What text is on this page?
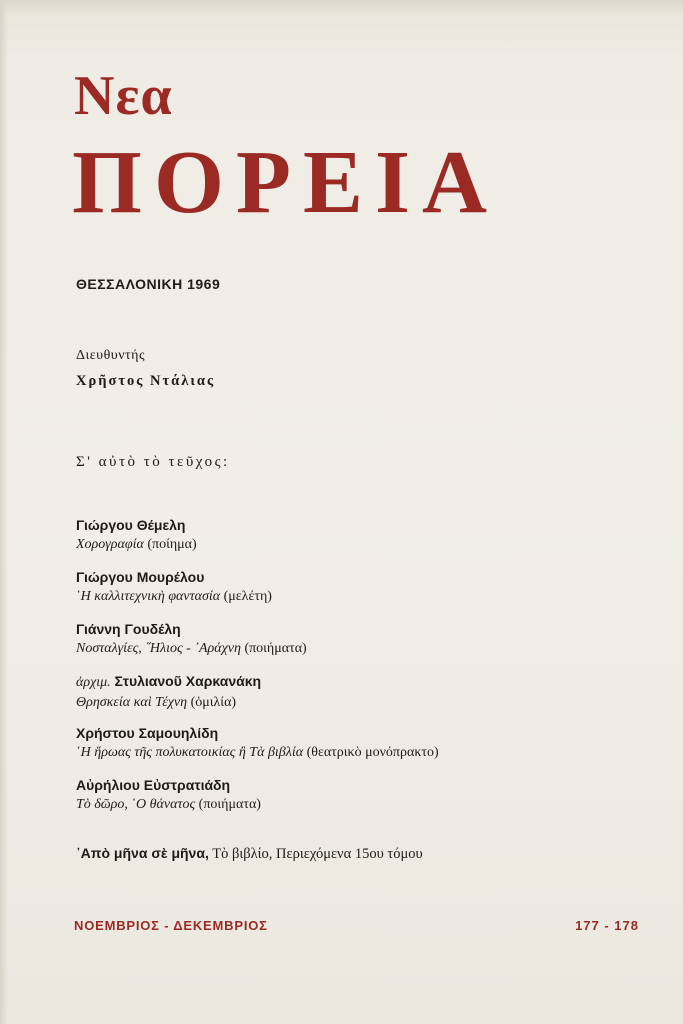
Νεα
ΠΟΡΕΙΑ
ΘΕΣΣΑΛΟΝΙΚΗ 1969
Διευθυντής
Χρῆστος Ντάλιας
Σ' αὐτὸ τὸ τεῦχος:
Γιώργου Θέμελη
Χορογραφία (ποίημα)
Γιώργου Μουρέλου
῾Η καλλιτεχνικὴ φαντασία (μελέτη)
Γιάννη Γουδέλη
Νοσταλγίες, ῞Ηλιος - ᾿Αράχνη (ποιήματα)
ἀρχιμ. Στυλιανοῦ Χαρκανάκη
Θρησκεία καὶ Τέχνη (ὁμιλία)
Χρήστου Σαμουηλίδη
῾Η ἥρωας τῆς πολυκατοικίας ἢ Τὰ βιβλία (θεατρικὸ μονόπρακτο)
Αὐρήλιου Εὐστρατιάδη
Τὸ δῶρο, ῾Ο θάνατος (ποιήματα)
᾿Απὸ μῆνα σὲ μῆνα, Τὸ βιβλίο, Περιεχόμενα 15ου τόμου
ΝΟΕΜΒΡΙΟΣ - ΔΕΚΕΜΒΡΙΟΣ	177 - 178
